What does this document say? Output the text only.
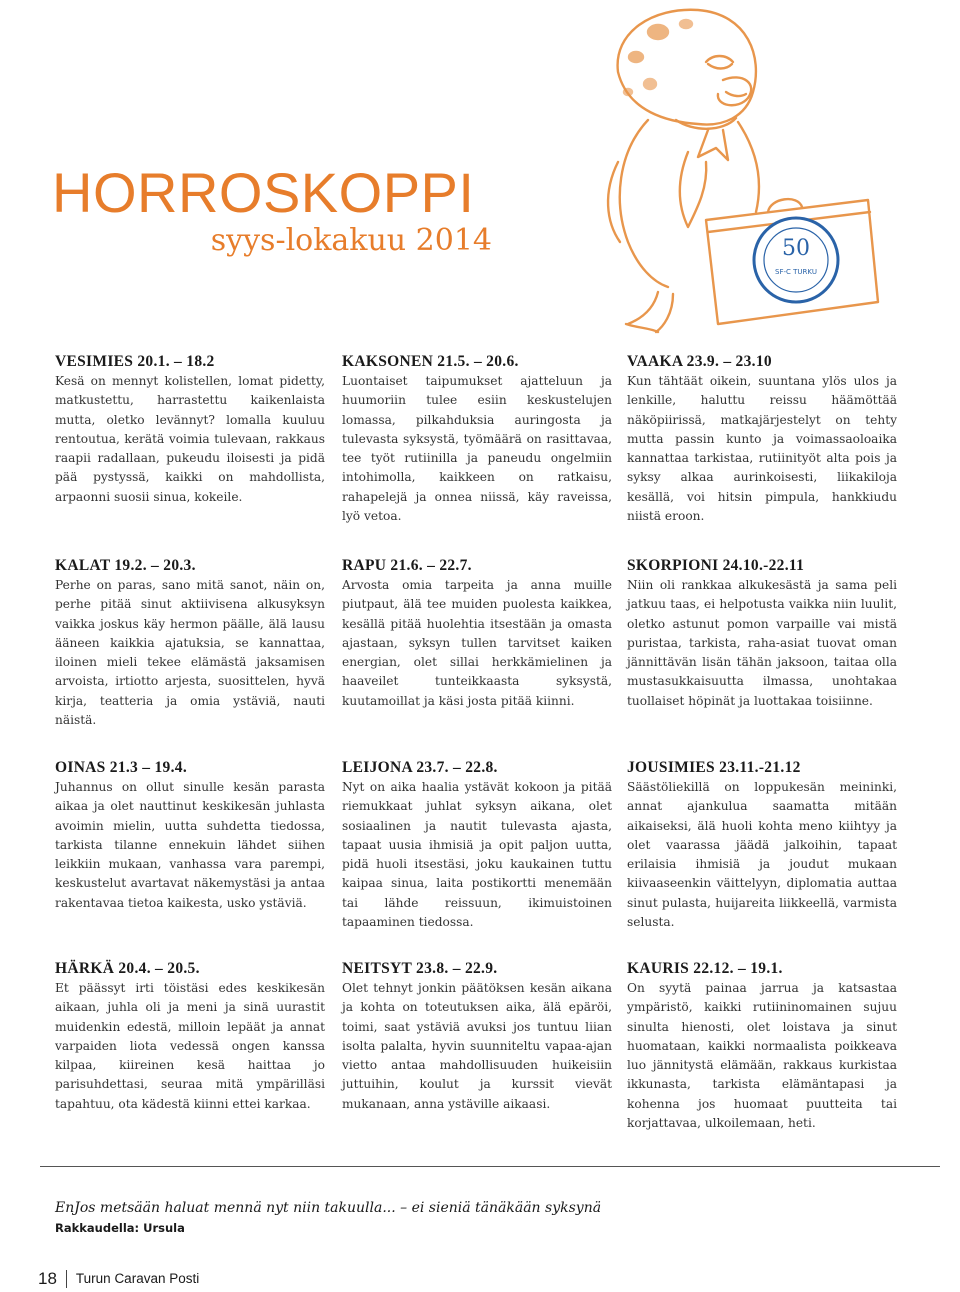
HORROSKOPPI
syys-lokakuu 2014	50
SF-C TURKU
VESIMIES 20.1. – 18.2

Kesä on mennyt kolistellen, lomat pidetty, matkustettu, harrastettu kaikenlaista mutta, oletko levännyt? lomalla kuuluu rentoutua, kerätä voimia tulevaan, rakkaus raapii radallaan, pukeudu iloisesti ja pidä pää pystyssä, kaikki on mahdollista, arpaonni suosii sinua, kokeile.

KALAT 19.2. – 20.3.

Perhe on paras, sano mitä sanot, näin on, perhe pitää sinut aktiivisena alkusyksyn vaikka joskus käy hermon päälle, älä lausu ääneen kaikkia ajatuksia, se kannattaa, iloinen mieli tekee elämästä jaksamisen arvoista, irtiotto arjesta, suosittelen, hyvä kirja, teatteria ja omia ystäviä, nauti näistä.

OINAS 21.3 – 19.4.

Juhannus on ollut sinulle kesän parasta aikaa ja olet nauttinut keskikesän juhlasta avoimin mielin, uutta suhdetta tiedossa, tarkista tilanne ennekuin lähdet siihen leikkiin mukaan, vanhassa vara parempi, keskustelut avartavat näkemystäsi ja antaa rakentavaa tietoa kaikesta, usko ystäviä.

HÄRKÄ 20.4. – 20.5.

Et päässyt irti töistäsi edes keskikesän aikaan, juhla oli ja meni ja sinä uurastit muidenkin edestä, milloin lepäät ja annat varpaiden liota vedessä ongen kanssa kilpaa, kiireinen kesä haittaa jo parisuhdettasi, seuraa mitä ympärilläsi tapahtuu, ota kädestä kiinni ettei karkaa.

KAKSONEN 21.5. – 20.6.

Luontaiset taipumukset ajatteluun ja huumoriin tulee esiin keskustelujen lomassa, pilkahduksia auringosta ja tulevasta syksystä, työmäärä on rasittavaa, tee työt rutiinilla ja paneudu ongelmiin intohimolla, kaikkeen on ratkaisu, rahapelejä ja onnea niissä, käy raveissa, lyö vetoa.

RAPU 21.6. – 22.7.

Arvosta omia tarpeita ja anna muille piutpaut, älä tee muiden puolesta kaikkea, kesällä pitää huolehtia itsestään ja omasta ajastaan, syksyn tullen tarvitset kaiken energian, olet sillai herkkämielinen ja haaveilet tunteikkaasta syksystä, kuutamoillat ja käsi josta pitää kiinni.

LEIJONA 23.7. – 22.8.

Nyt on aika haalia ystävät kokoon ja pitää riemukkaat juhlat syksyn aikana, olet sosiaalinen ja nautit tulevasta ajasta, tapaat uusia ihmisiä ja opit paljon uutta, pidä huoli itsestäsi, joku kaukainen tuttu kaipaa sinua, laita postikortti menemään tai lähde reissuun, ikimuistoinen tapaaminen tiedossa.

NEITSYT 23.8. – 22.9.

Olet tehnyt jonkin päätöksen kesän aikana ja kohta on toteutuksen aika, älä epäröi, toimi, saat ystäviä avuksi jos tuntuu liian isolta palalta, hyvin suunniteltu vapaa-ajan vietto antaa mahdollisuuden huikeisiin juttuihin, koulut ja kurssit vievät mukanaan, anna ystäville aikaasi.

VAAKA 23.9. – 23.10

Kun tähtäät oikein, suuntana ylös ulos ja lenkille, haluttu reissu häämöttää näköpiirissä, matkajärjestelyt on tehty mutta passin kunto ja voimassaoloaika kannattaa tarkistaa, rutiinityöt alta pois ja syksy alkaa aurinkoisesti, liikakiloja kesällä, voi hitsin pimpula, hankkiudu niistä eroon.

SKORPIONI 24.10.-22.11

Niin oli rankkaa alkukesästä ja sama peli jatkuu taas, ei helpotusta vaikka niin luulit, oletko astunut pomon varpaille vai mistä puristaa, tarkista, raha-asiat tuovat oman jännittävän lisän tähän jaksoon, taitaa olla mustasukkaisuutta ilmassa, unohtakaa tuollaiset höpinät ja luottakaa toisiinne.

JOUSIMIES 23.11.-21.12

Säästöliekillä on loppukesän meininki, annat ajankulua saamatta mitään aikaiseksi, älä huoli kohta meno kiihtyy ja olet vaarassa jäädä jalkoihin, tapaat erilaisia ihmisiä ja joudut mukaan kiivaaseenkin väittelyyn, diplomatia auttaa sinut pulasta, huijareita liikkeellä, varmista selusta.

KAURIS 22.12. – 19.1.

On syytä painaa jarrua ja katsastaa ympäristö, kaikki rutiininomainen sujuu sinulta hienosti, olet loistava ja sinut huomataan, kaikki normaalista poikkeava luo jännitystä elämään, rakkaus kurkistaa ikkunasta, tarkista elämäntapasi ja kohenna jos huomaat puutteita tai korjattavaa, ulkoilemaan, heti.

EnJos metsään haluat mennä nyt niin takuulla... – ei sieniä tänäkään syksynä
Rakkaudella: Ursula
18 Turun Caravan Posti
